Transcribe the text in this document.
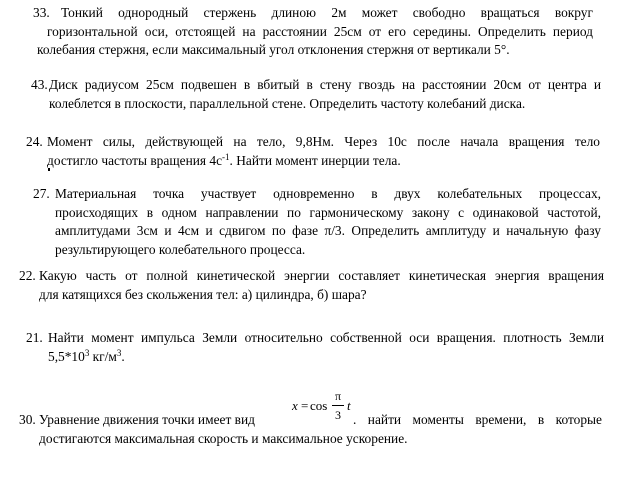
33. Тонкий однородный стержень длиною 2м может свободно вращаться вокруг
горизонтальной оси, отстоящей на расстоянии 25см от его середины. Определить период
колебания стержня, если максимальный угол отклонения стержня от вертикали 5°.
43. Диск радиусом 25см подвешен в вбитый в стену гвоздь на расстоянии 20см от центра и
колеблется в плоскости, параллельной стене. Определить частоту колебаний диска.
24. Момент силы, действующей на тело, 9,8Нм. Через 10с после начала вращения тело
достигло частоты вращения $4с^{-1}$. Найти момент инерции тела.
27. Материальная точка участвует одновременно в двух колебательных процессах,
происходящих в одном направлении по гармоническому закону с одинаковой частотой,
амплитудами 3см и 4см и сдвигом по фазе π/3. Определить амплитуду и начальную фазу
результирующего колебательного процесса.
22. Какую часть от полной кинетической энергии составляет кинетическая энергия вращения
для катящихся без скольжения тел: а) цилиндра, б) шара?
21. Найти момент импульса Земли относительно собственной оси вращения. плотность Земли
$5,5*10^3$ $кг/м^3$.
30. Уравнение движения точки имеет вид	. найти моменты времени, в которые
достигаются максимальная скорость и максимальное ускорение.
x = cos
π
3
t
